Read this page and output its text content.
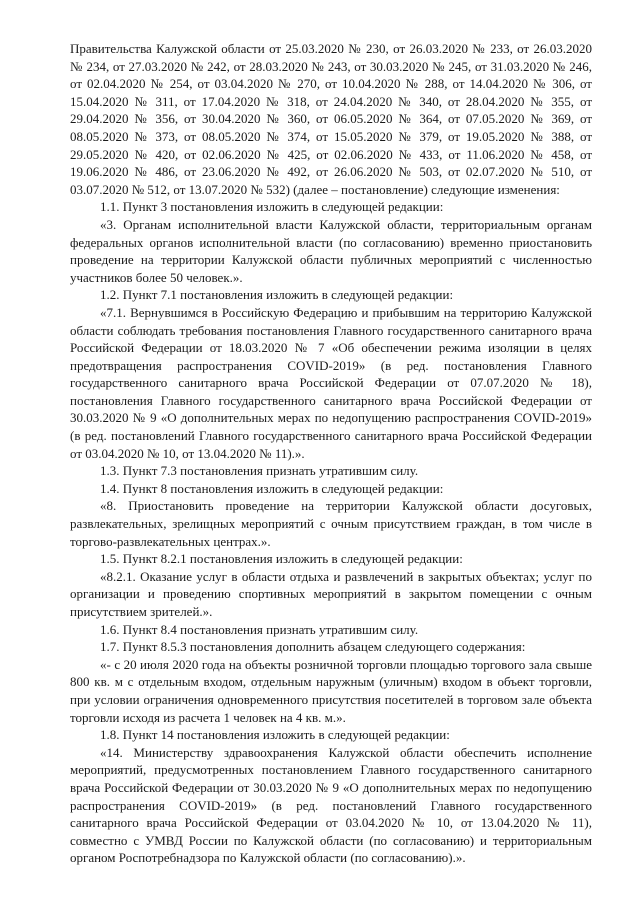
Правительства Калужской области от 25.03.2020 № 230, от 26.03.2020 № 233, от 26.03.2020 № 234, от 27.03.2020 № 242, от 28.03.2020 № 243, от 30.03.2020 № 245, от 31.03.2020 № 246, от 02.04.2020 № 254, от 03.04.2020 № 270, от 10.04.2020 № 288, от 14.04.2020 № 306, от 15.04.2020 № 311, от 17.04.2020 № 318, от 24.04.2020 № 340, от 28.04.2020 № 355, от 29.04.2020 № 356, от 30.04.2020 № 360, от 06.05.2020 № 364, от 07.05.2020 № 369, от 08.05.2020 № 373, от 08.05.2020 № 374, от 15.05.2020 № 379, от 19.05.2020 № 388, от 29.05.2020 № 420, от 02.06.2020 № 425, от 02.06.2020 № 433, от 11.06.2020 № 458, от 19.06.2020 № 486, от 23.06.2020 № 492, от 26.06.2020 № 503, от 02.07.2020 № 510, от 03.07.2020 № 512, от 13.07.2020 № 532) (далее – постановление) следующие изменения:

1.1. Пункт 3 постановления изложить в следующей редакции:

«3. Органам исполнительной власти Калужской области, территориальным органам федеральных органов исполнительной власти (по согласованию) временно приостановить проведение на территории Калужской области публичных мероприятий с численностью участников более 50 человек.».

1.2. Пункт 7.1 постановления изложить в следующей редакции:

«7.1. Вернувшимся в Российскую Федерацию и прибывшим на территорию Калужской области соблюдать требования постановления Главного государственного санитарного врача Российской Федерации от 18.03.2020 № 7 «Об обеспечении режима изоляции в целях предотвращения распространения COVID-2019» (в ред. постановления Главного государственного санитарного врача Российской Федерации от 07.07.2020 № 18), постановления Главного государственного санитарного врача Российской Федерации от 30.03.2020 № 9 «О дополнительных мерах по недопущению распространения COVID-2019» (в ред. постановлений Главного государственного санитарного врача Российской Федерации от 03.04.2020 № 10, от 13.04.2020 № 11).».

1.3. Пункт 7.3 постановления признать утратившим силу.

1.4. Пункт 8 постановления изложить в следующей редакции:

«8. Приостановить проведение на территории Калужской области досуговых, развлекательных, зрелищных мероприятий с очным присутствием граждан, в том числе в торгово-развлекательных центрах.».

1.5. Пункт 8.2.1 постановления изложить в следующей редакции:

«8.2.1. Оказание услуг в области отдыха и развлечений в закрытых объектах; услуг по организации и проведению спортивных мероприятий в закрытом помещении с очным присутствием зрителей.».

1.6. Пункт 8.4 постановления признать утратившим силу.

1.7. Пункт 8.5.3 постановления дополнить абзацем следующего содержания:

«- с 20 июля 2020 года на объекты розничной торговли площадью торгового зала свыше 800 кв. м с отдельным входом, отдельным наружным (уличным) входом в объект торговли, при условии ограничения одновременного присутствия посетителей в торговом зале объекта торговли исходя из расчета 1 человек на 4 кв. м.».

1.8. Пункт 14 постановления изложить в следующей редакции:

«14. Министерству здравоохранения Калужской области обеспечить исполнение мероприятий, предусмотренных постановлением Главного государственного санитарного врача Российской Федерации от 30.03.2020 № 9 «О дополнительных мерах по недопущению распространения COVID-2019» (в ред. постановлений Главного государственного санитарного врача Российской Федерации от 03.04.2020 № 10, от 13.04.2020 № 11), совместно с УМВД России по Калужской области (по согласованию) и территориальным органом Роспотребнадзора по Калужской области (по согласованию).».
